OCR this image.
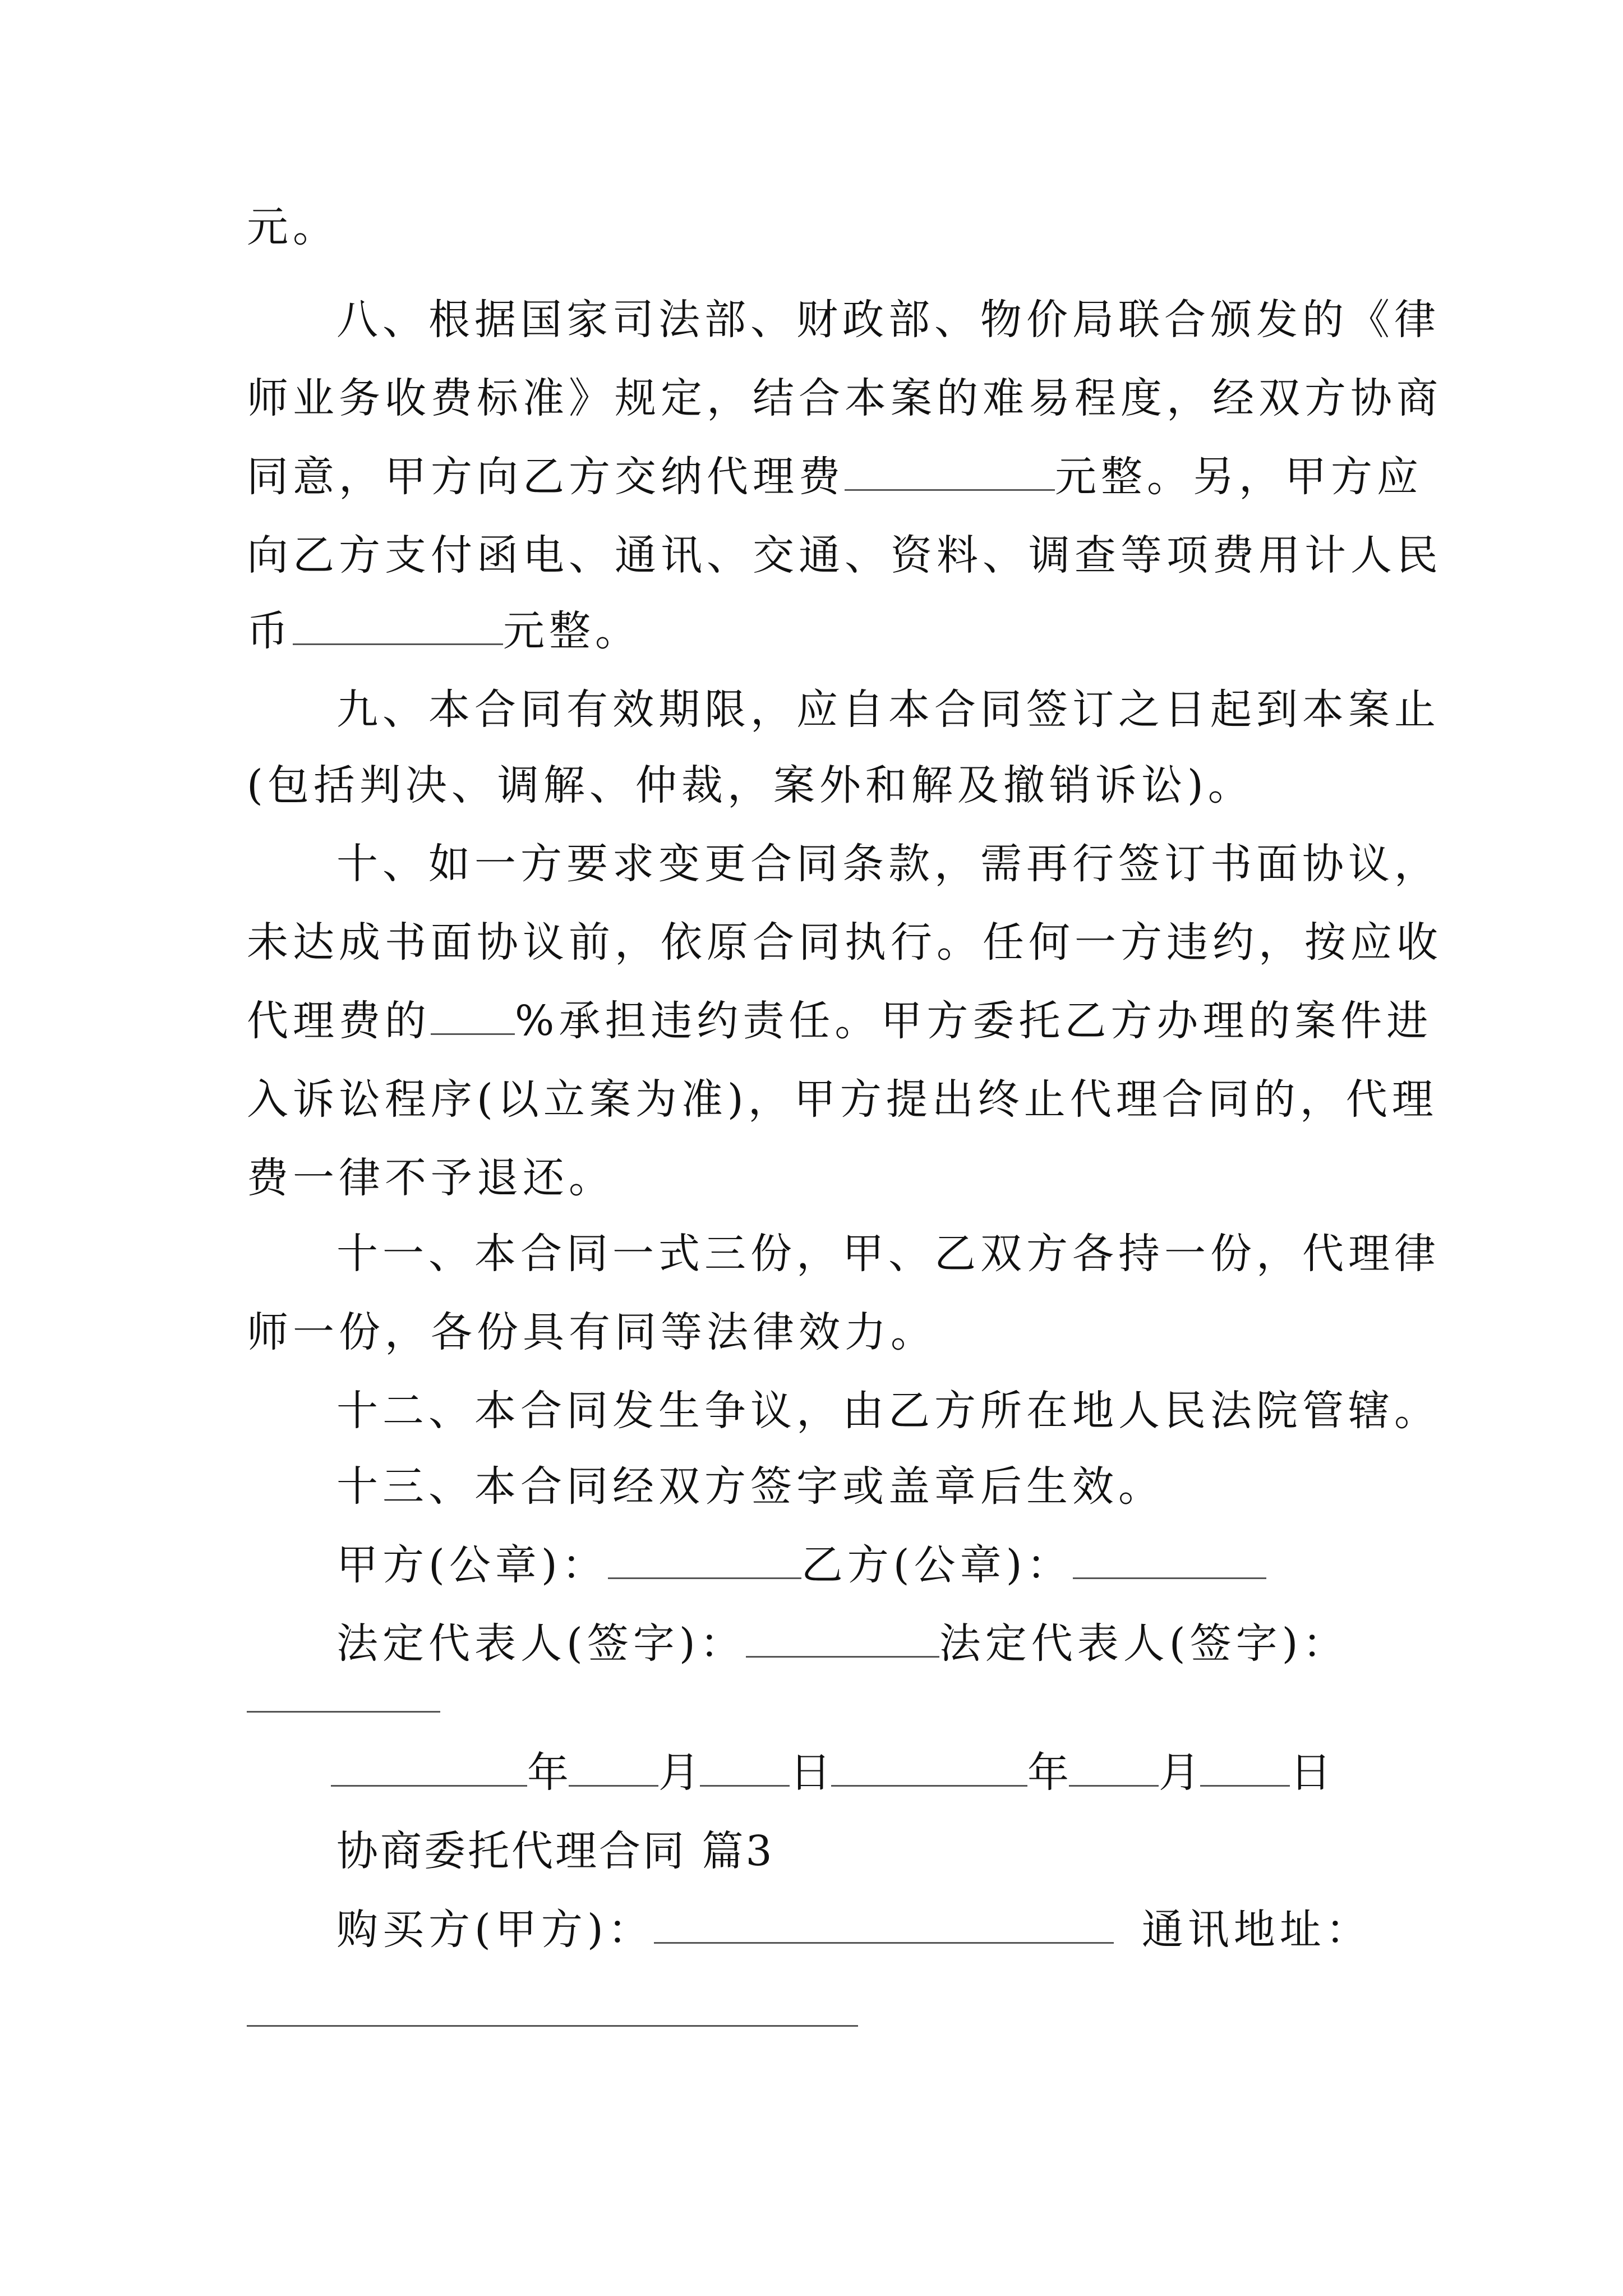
元。
八、根据国家司法部、财政部、物价局联合颁发的《律
师业务收费标准》规定，结合本案的难易程度，经双方协商
同意，甲方向乙方交纳代理费	元整。另，甲方应
向乙方支付函电、通讯、交通、资料、调查等项费用计人民
币	元整。
九、本合同有效期限，应自本合同签订之日起到本案止
(包括判决、调解、仲裁，案外和解及撤销诉讼)。
十、如一方要求变更合同条款，需再行签订书面协议，
未达成书面协议前，依原合同执行。任何一方违约，按应收
代理费的 %承担违约责任。甲方委托乙方办理的案件进
入诉讼程序(以立案为准)，甲方提出终止代理合同的，代理
费一律不予退还。
十一、本合同一式三份，甲、乙双方各持一份，代理律
师一份，各份具有同等法律效力。
十二、本合同发生争议，由乙方所在地人民法院管辖。
十三、本合同经双方签字或盖章后生效。
甲方(公章)：	乙方(公章)：
法定代表人(签字)：	法定代表人(签字)：
年 月 日	年 月 日
协商委托代理合同 篇3
购买方(甲方)：	通讯地址：
